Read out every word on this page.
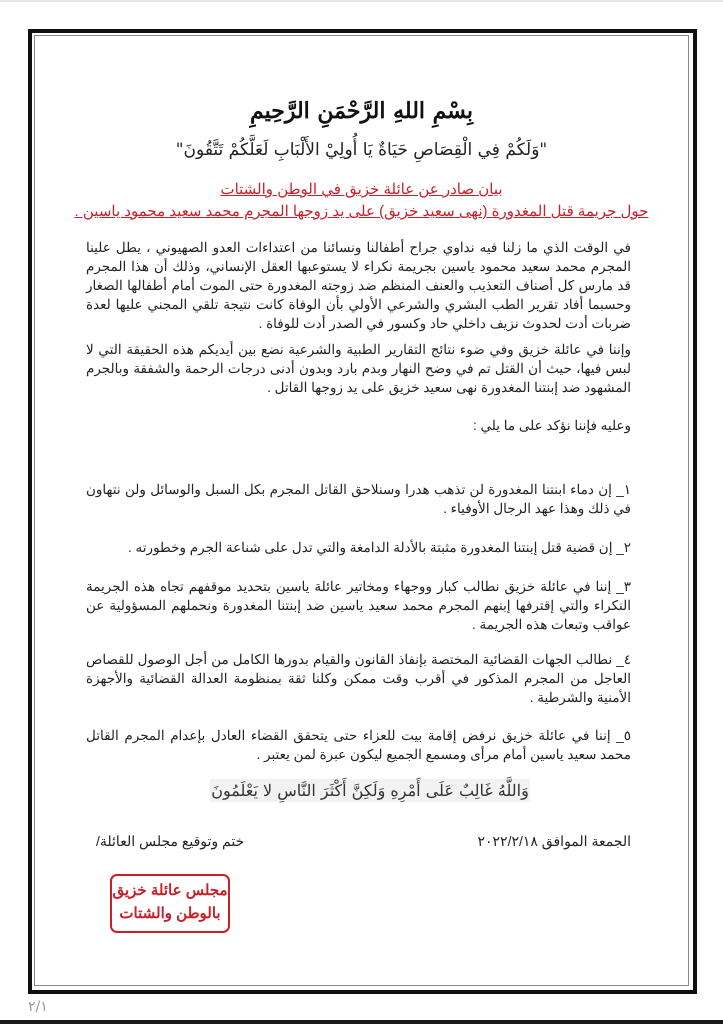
بِسْمِ اللهِ الرَّحْمَنِ الرَّحِيمِ
"وَلَكُمْ فِي الْقِصَاصِ حَيَاةٌ يَا أُولِيْ الأَلْبَابِ لَعَلَّكُمْ تَتَّقُونَ"
بيان صادر عن عائلة خزيق في الوطن والشتات
حول جريمة قتل المغدورة (نهى سعيد خزيق) على يد زوجها المجرم محمد سعيد محمود ياسين .
في الوقت الذي ما زلنا فيه نداوي جراح أطفالنا ونسائنا من اعتداءات العدو الصهيوني ، يطل علينا المجرم محمد سعيد محمود ياسين بجريمة نكراء لا يستوعبها العقل الإنساني، وذلك أن هذا المجرم قد مارس كل أصناف التعذيب والعنف المنظم ضد زوجته المغدورة حتى الموت أمام أطفالها الصغار وحسبما أفاد تقرير الطب البشري والشرعي الأولي بأن الوفاة كانت نتيجة تلقي المجني عليها لعدة ضربات أدت لحدوث نزيف داخلي حاد وكسور في الصدر أدت للوفاة .
وإننا في عائلة خزيق وفي ضوء نتائج التقارير الطبية والشرعية نضع بين أيديكم هذه الحقيقة التي لا لبس فيها، حيث أن القتل تم في وضح النهار وبدم بارد وبدون أدنى درجات الرحمة والشفقة وبالجرم المشهود ضد إبنتنا المغدورة نهى سعيد خزيق على يد زوجها القاتل .
وعليه فإننا نؤكد على ما يلي :
١_ إن دماء ابنتنا المغدورة لن تذهب هدرا وسنلاحق القاتل المجرم بكل السبل والوسائل ولن نتهاون في ذلك وهذا عهد الرجال الأوفياء .
٢_ إن قضية قتل إبنتنا المغدورة مثبتة بالأدلة الدامغة والتي تدل على شناعة الجرم وخطورته .
٣_ إننا في عائلة خزيق نطالب كبار ووجهاء ومخاتير عائلة ياسين بتحديد موقفهم تجاه هذه الجريمة النكراء والتي إقترفها إبنهم المجرم محمد سعيد ياسين ضد إبنتنا المغدورة ونحملهم المسؤولية عن عواقب وتبعات هذه الجريمة .
٤_ نطالب الجهات القضائية المختصة بإنفاذ القانون والقيام بدورها الكامل من أجل الوصول للقصاص العاجل من المجرم المذكور في أقرب وقت ممكن وكلنا ثقة بمنظومة العدالة القضائية والأجهزة الأمنية والشرطية .
٥_ إننا في عائلة خزيق نرفض إقامة بيت للعزاء حتى يتحقق القضاء العادل بإعدام المجرم القاتل محمد سعيد ياسين أمام مرأى ومسمع الجميع ليكون عبرة لمن يعتبر .
وَاللَّهُ غَالِبٌ عَلَى أَمْرِهِ وَلَكِنَّ أَكْثَرَ النَّاسِ لا يَعْلَمُونَ
الجمعة الموافق ٢٠٢٢/٢/١٨
ختم وتوقيع مجلس العائلة/
مجلس عائلة خزيق
بالوطن والشتات
٢/١
